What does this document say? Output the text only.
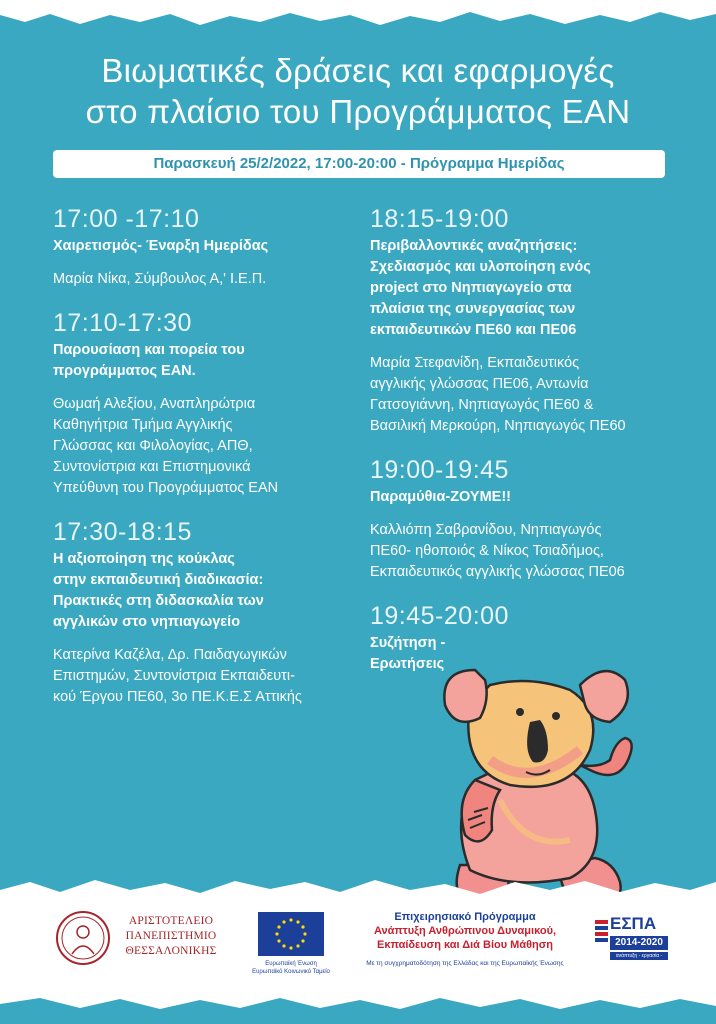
Βιωματικές δράσεις και εφαρμογές
στο πλαίσιο του Προγράμματος ΕΑΝ
Παρασκευή 25/2/2022, 17:00-20:00 - Πρόγραμμα Ημερίδας
17:00 -17:10
Χαιρετισμός- Έναρξη Ημερίδας
Μαρία Νίκα, Σύμβουλος Α,' Ι.Ε.Π.
17:10-17:30
Παρουσίαση και πορεία του
προγράμματος ΕΑΝ.
Θωμαή Αλεξίου, Αναπληρώτρια
Καθηγήτρια Τμήμα Αγγλικής
Γλώσσας και Φιλολογίας, ΑΠΘ,
Συντονίστρια και Επιστημονικά
Υπεύθυνη του Προγράμματος ΕΑΝ
17:30-18:15
Η αξιοποίηση της κούκλας
στην εκπαιδευτική διαδικασία:
Πρακτικές στη διδασκαλία των
αγγλικών στο νηπιαγωγείο
Κατερίνα Καζέλα, Δρ. Παιδαγωγικών
Επιστημών, Συντονίστρια Εκπαιδευτι-
κού Έργου ΠΕ60, 3ο ΠΕ.Κ.Ε.Σ Αττικής
18:15-19:00
Περιβαλλοντικές αναζητήσεις:
Σχεδιασμός και υλοποίηση ενός
project στο Νηπιαγωγείο στα
πλαίσια της συνεργασίας των
εκπαιδευτικών ΠΕ60 και ΠΕ06
Μαρία Στεφανίδη, Εκπαιδευτικός
αγγλικής γλώσσας ΠΕ06, Αντωνία
Γατσογιάννη, Νηπιαγωγός ΠΕ60 &
Βασιλική Μερκούρη, Νηπιαγωγός ΠΕ60
19:00-19:45
Παραμύθια-ΖΟΥΜΕ!!
Καλλιόπη Σαβρανίδου, Νηπιαγωγός
ΠΕ60- ηθοποιός & Νίκος Τσιαδήμος,
Εκπαιδευτικός αγγλικής γλώσσας ΠΕ06
19:45-20:00
Συζήτηση -
Ερωτήσεις
ΑΡΙΣΤΟΤΕΛΕΙΟ
ΠΑΝΕΠΙΣΤΗΜΙΟ
ΘΕΣΣΑΛΟΝΙΚΗΣ
Ευρωπαϊκή Ένωση
Ευρωπαϊκό Κοινωνικό Ταμείο
Επιχειρησιακό Πρόγραμμα
Ανάπτυξη Ανθρώπινου Δυναμικού,
Εκπαίδευση και Διά Βίου Μάθηση
Με τη συγχρηματοδότηση της Ελλάδας και της Ευρωπαϊκής Ένωσης
ΕΣΠΑ
2014-2020
ανάπτυξη - εργασία - αλληλεγγύη
